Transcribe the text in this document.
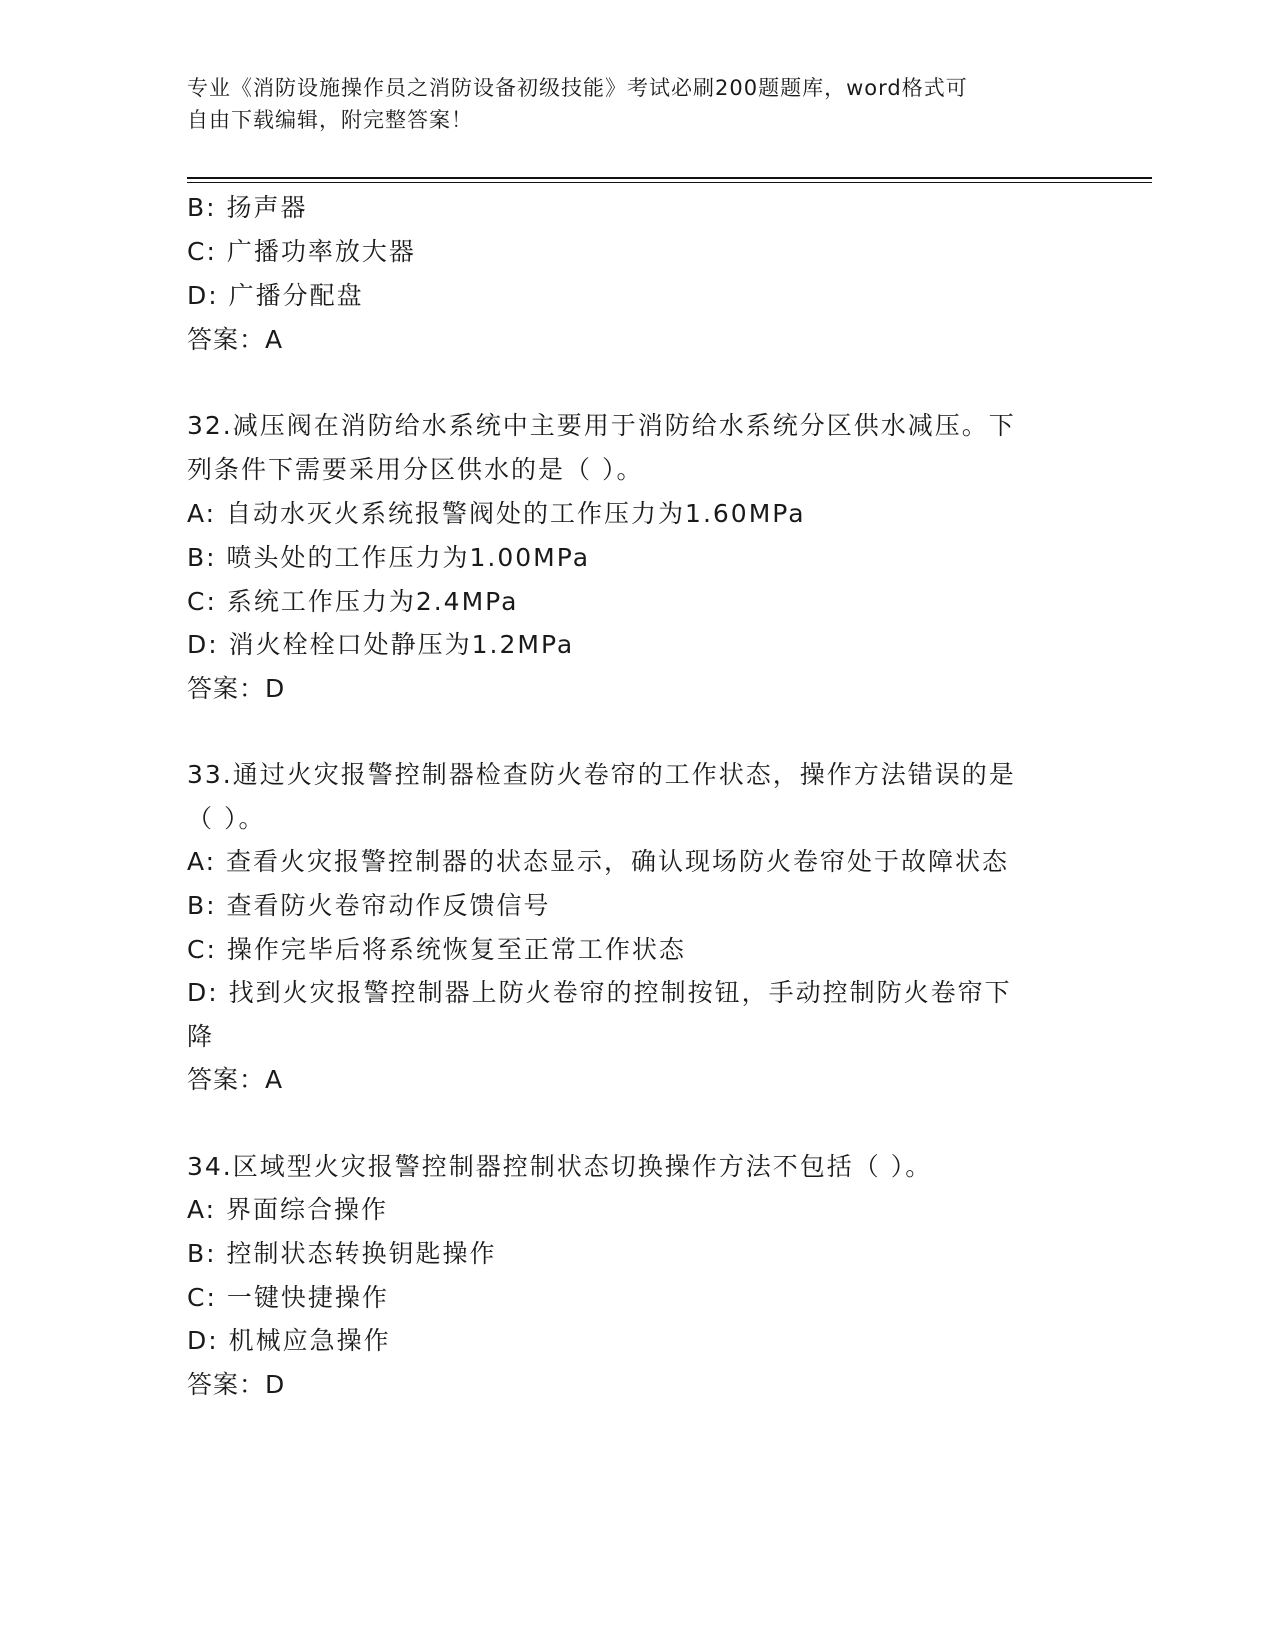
专业《消防设施操作员之消防设备初级技能》考试必刷200题题库，word格式可
自由下载编辑，附完整答案！
B: 扬声器
C: 广播功率放大器
D: 广播分配盘
答案：A
32.减压阀在消防给水系统中主要用于消防给水系统分区供水减压。下
列条件下需要采用分区供水的是（ ）。
A: 自动水灭火系统报警阀处的工作压力为1.60MPa
B: 喷头处的工作压力为1.00MPa
C: 系统工作压力为2.4MPa
D: 消火栓栓口处静压为1.2MPa
答案：D
33.通过火灾报警控制器检查防火卷帘的工作状态，操作方法错误的是
（ ）。
A: 查看火灾报警控制器的状态显示，确认现场防火卷帘处于故障状态
B: 查看防火卷帘动作反馈信号
C: 操作完毕后将系统恢复至正常工作状态
D: 找到火灾报警控制器上防火卷帘的控制按钮，手动控制防火卷帘下
降
答案：A
34.区域型火灾报警控制器控制状态切换操作方法不包括（ ）。
A: 界面综合操作
B: 控制状态转换钥匙操作
C: 一键快捷操作
D: 机械应急操作
答案：D
